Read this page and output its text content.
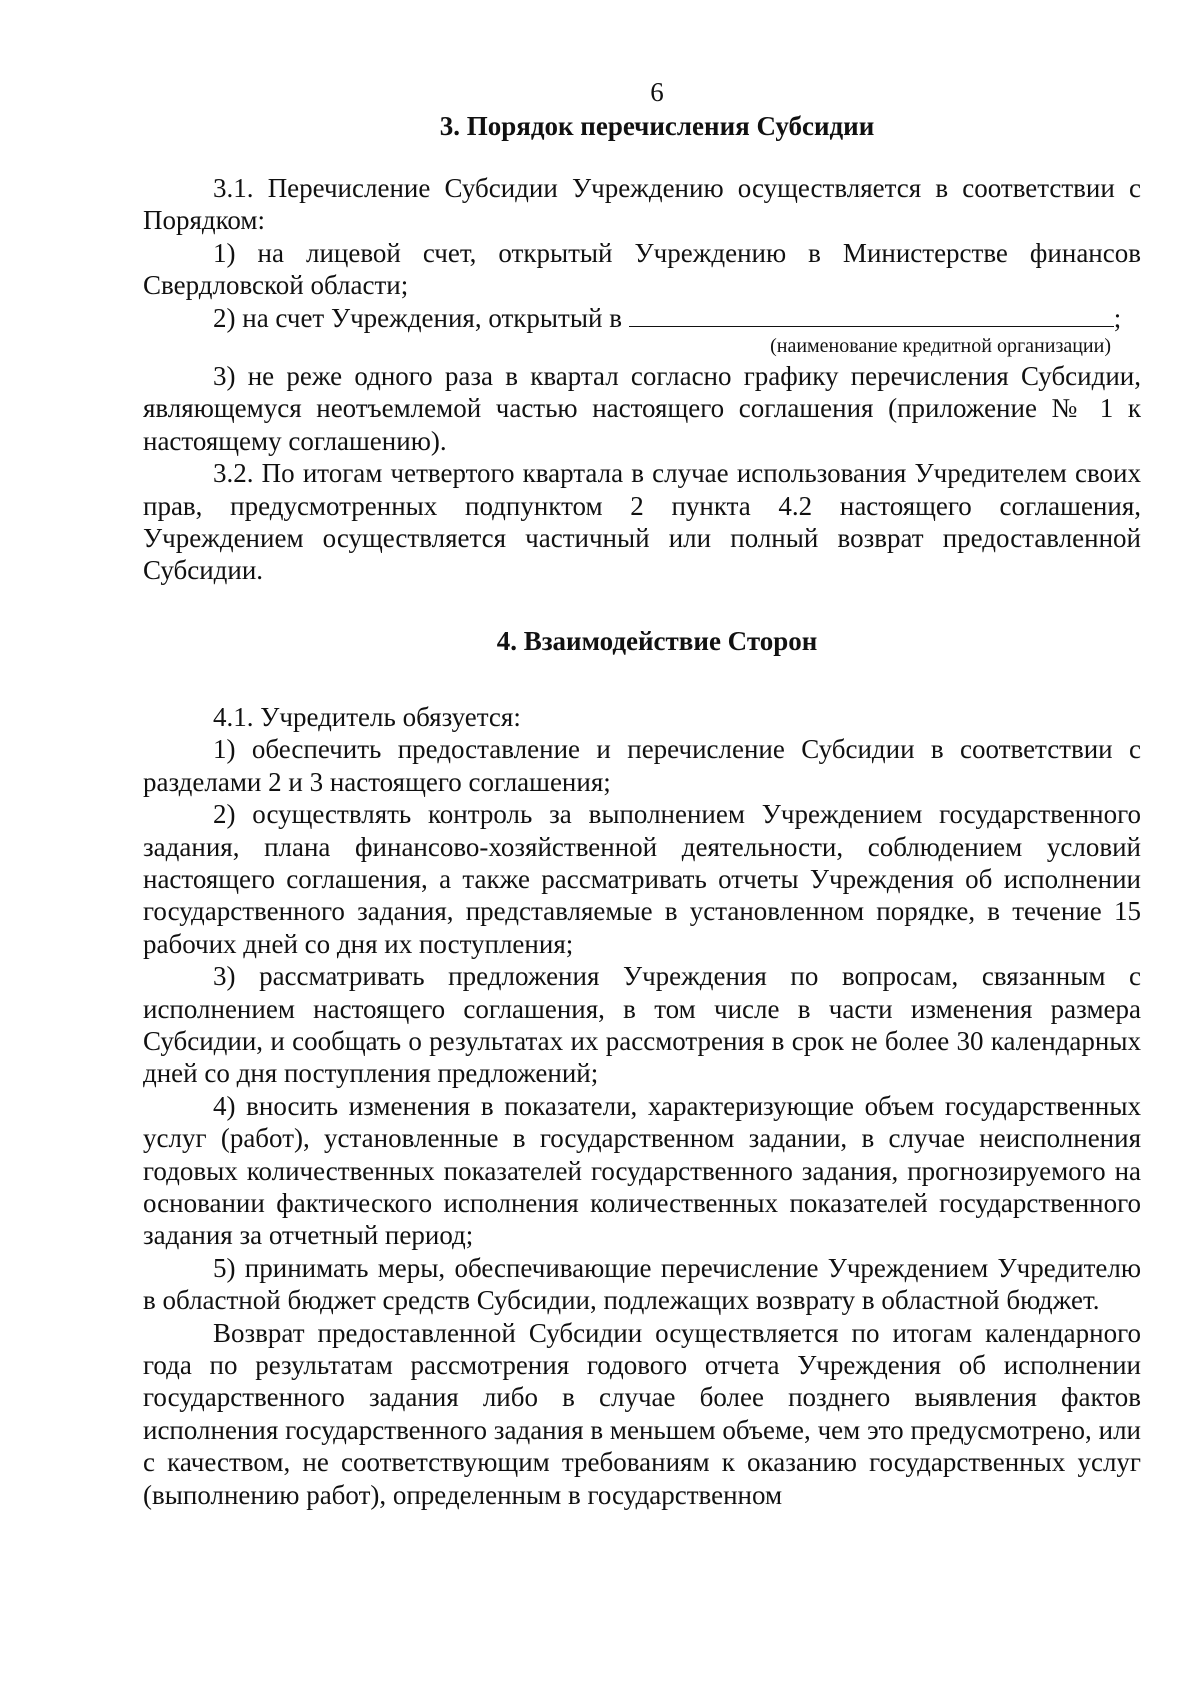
6
3. Порядок перечисления Субсидии

3.1. Перечисление Субсидии Учреждению осуществляется в соответствии с Порядком:

1) на лицевой счет, открытый Учреждению в Министерстве финансов Свердловской области;

2) на счет Учреждения, открытый в	;

(наименование кредитной организации)

3) не реже одного раза в квартал согласно графику перечисления Субсидии, являющемуся неотъемлемой частью настоящего соглашения (приложение № 1 к настоящему соглашению).

3.2. По итогам четвертого квартала в случае использования Учредителем своих прав, предусмотренных подпунктом 2 пункта 4.2 настоящего соглашения, Учреждением осуществляется частичный или полный возврат предоставленной Субсидии.

4. Взаимодействие Сторон

4.1. Учредитель обязуется:

1) обеспечить предоставление и перечисление Субсидии в соответствии с разделами 2 и 3 настоящего соглашения;

2) осуществлять контроль за выполнением Учреждением государственного задания, плана финансово-хозяйственной деятельности, соблюдением условий настоящего соглашения, а также рассматривать отчеты Учреждения об исполнении государственного задания, представляемые в установленном порядке, в течение 15 рабочих дней со дня их поступления;

3) рассматривать предложения Учреждения по вопросам, связанным с исполнением настоящего соглашения, в том числе в части изменения размера Субсидии, и сообщать о результатах их рассмотрения в срок не более 30 календарных дней со дня поступления предложений;

4) вносить изменения в показатели, характеризующие объем государственных услуг (работ), установленные в государственном задании, в случае неисполнения годовых количественных показателей государственного задания, прогнозируемого на основании фактического исполнения количественных показателей государственного задания за отчетный период;

5) принимать меры, обеспечивающие перечисление Учреждением Учредителю в областной бюджет средств Субсидии, подлежащих возврату в областной бюджет.

Возврат предоставленной Субсидии осуществляется по итогам календарного года по результатам рассмотрения годового отчета Учреждения об исполнении государственного задания либо в случае более позднего выявления фактов исполнения государственного задания в меньшем объеме, чем это предусмотрено, или с качеством, не соответствующим требованиям к оказанию государственных услуг (выполнению работ), определенным в государственном
